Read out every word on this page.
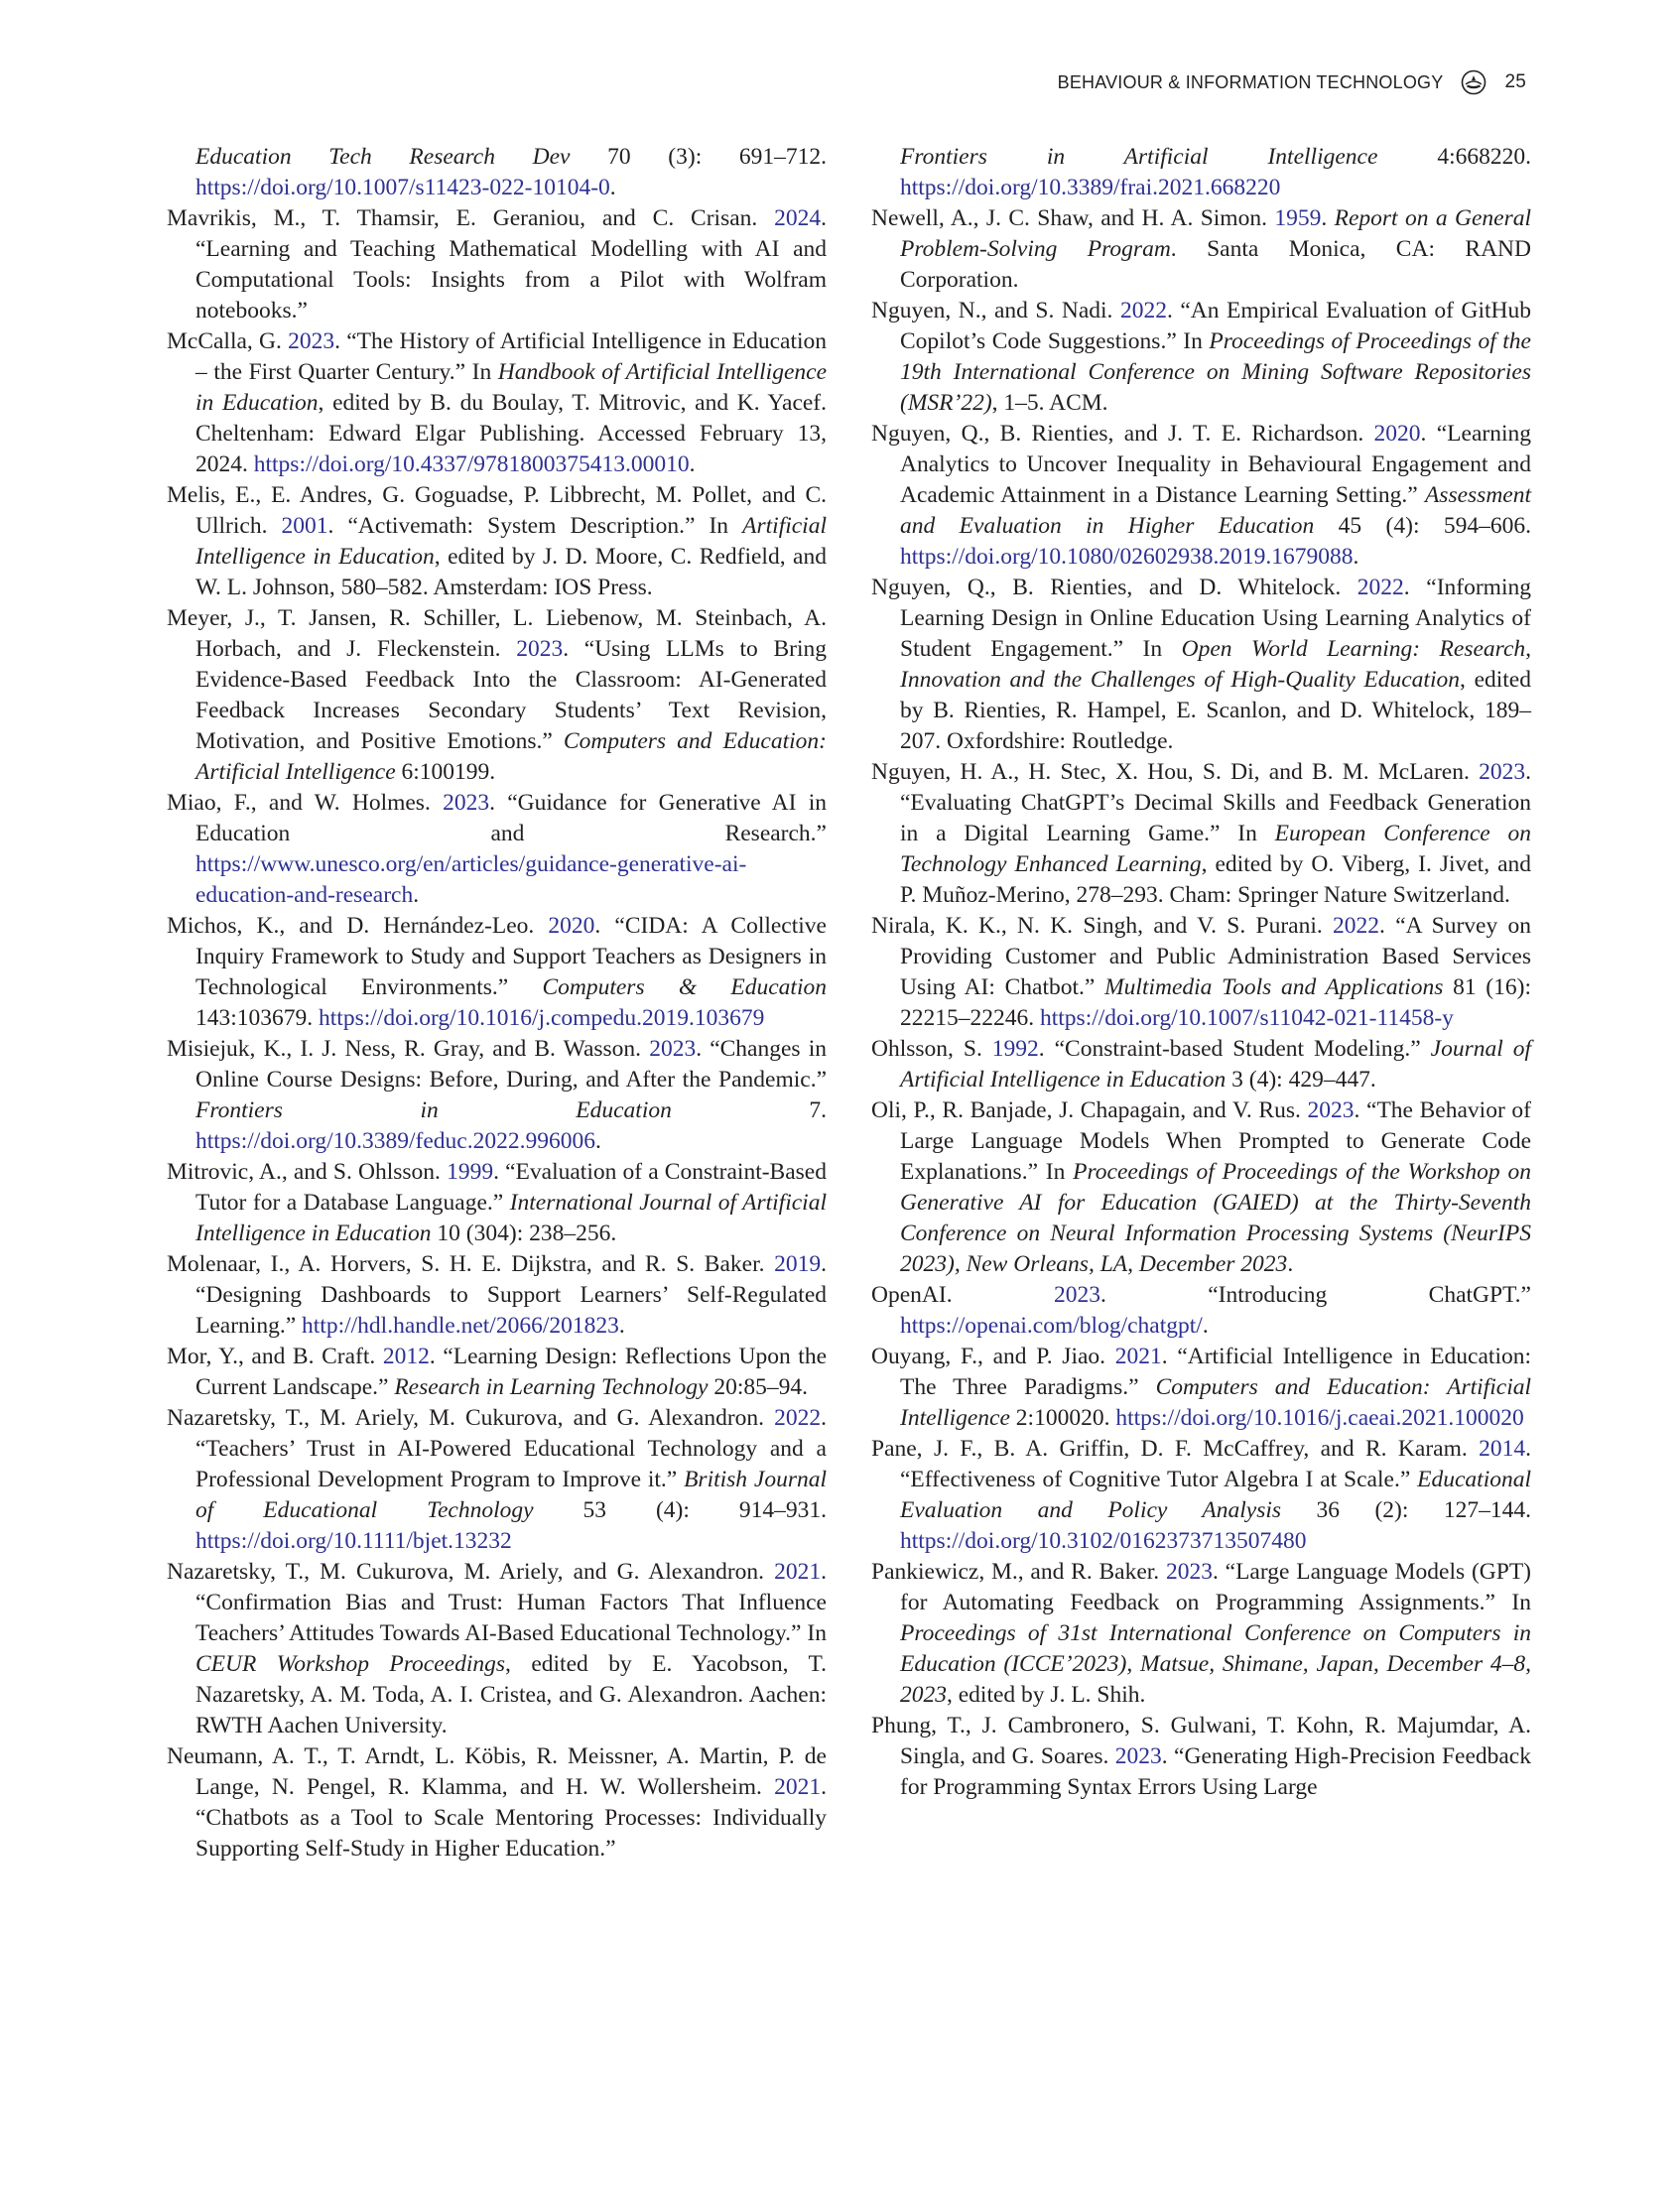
BEHAVIOUR & INFORMATION TECHNOLOGY	25

Education Tech Research Dev 70 (3): 691–712. https://doi.org/10.1007/s11423-022-10104-0.

Mavrikis, M., T. Thamsir, E. Geraniou, and C. Crisan. 2024. “Learning and Teaching Mathematical Modelling with AI and Computational Tools: Insights from a Pilot with Wolfram notebooks.”

McCalla, G. 2023. “The History of Artificial Intelligence in Education – the First Quarter Century.” In Handbook of Artificial Intelligence in Education, edited by B. du Boulay, T. Mitrovic, and K. Yacef. Cheltenham: Edward Elgar Publishing. Accessed February 13, 2024. https://doi.org/10.4337/9781800375413.00010.

Melis, E., E. Andres, G. Goguadse, P. Libbrecht, M. Pollet, and C. Ullrich. 2001. “Activemath: System Description.” In Artificial Intelligence in Education, edited by J. D. Moore, C. Redfield, and W. L. Johnson, 580–582. Amsterdam: IOS Press.

Meyer, J., T. Jansen, R. Schiller, L. Liebenow, M. Steinbach, A. Horbach, and J. Fleckenstein. 2023. “Using LLMs to Bring Evidence-Based Feedback Into the Classroom: AI-Generated Feedback Increases Secondary Students’ Text Revision, Motivation, and Positive Emotions.” Computers and Education: Artificial Intelligence 6:100199.

Miao, F., and W. Holmes. 2023. “Guidance for Generative AI in Education and Research.” https://www.unesco.org/en/articles/guidance-generative-ai-education-and-research.

Michos, K., and D. Hernández-Leo. 2020. “CIDA: A Collective Inquiry Framework to Study and Support Teachers as Designers in Technological Environments.” Computers & Education 143:103679. https://doi.org/10.1016/j.compedu.2019.103679

Misiejuk, K., I. J. Ness, R. Gray, and B. Wasson. 2023. “Changes in Online Course Designs: Before, During, and After the Pandemic.” Frontiers in Education 7. https://doi.org/10.3389/feduc.2022.996006.

Mitrovic, A., and S. Ohlsson. 1999. “Evaluation of a Constraint-Based Tutor for a Database Language.” International Journal of Artificial Intelligence in Education 10 (304): 238–256.

Molenaar, I., A. Horvers, S. H. E. Dijkstra, and R. S. Baker. 2019. “Designing Dashboards to Support Learners’ Self-Regulated Learning.” http://hdl.handle.net/2066/201823.

Mor, Y., and B. Craft. 2012. “Learning Design: Reflections Upon the Current Landscape.” Research in Learning Technology 20:85–94.

Nazaretsky, T., M. Ariely, M. Cukurova, and G. Alexandron. 2022. “Teachers’ Trust in AI-Powered Educational Technology and a Professional Development Program to Improve it.” British Journal of Educational Technology 53 (4): 914–931. https://doi.org/10.1111/bjet.13232

Nazaretsky, T., M. Cukurova, M. Ariely, and G. Alexandron. 2021. “Confirmation Bias and Trust: Human Factors That Influence Teachers’ Attitudes Towards AI-Based Educational Technology.” In CEUR Workshop Proceedings, edited by E. Yacobson, T. Nazaretsky, A. M. Toda, A. I. Cristea, and G. Alexandron. Aachen: RWTH Aachen University.

Neumann, A. T., T. Arndt, L. Köbis, R. Meissner, A. Martin, P. de Lange, N. Pengel, R. Klamma, and H. W. Wollersheim. 2021. “Chatbots as a Tool to Scale Mentoring Processes: Individually Supporting Self-Study in Higher Education.”

Frontiers in Artificial Intelligence 4:668220. https://doi.org/10.3389/frai.2021.668220

Newell, A., J. C. Shaw, and H. A. Simon. 1959. Report on a General Problem-Solving Program. Santa Monica, CA: RAND Corporation.

Nguyen, N., and S. Nadi. 2022. “An Empirical Evaluation of GitHub Copilot’s Code Suggestions.” In Proceedings of Proceedings of the 19th International Conference on Mining Software Repositories (MSR’22), 1–5. ACM.

Nguyen, Q., B. Rienties, and J. T. E. Richardson. 2020. “Learning Analytics to Uncover Inequality in Behavioural Engagement and Academic Attainment in a Distance Learning Setting.” Assessment and Evaluation in Higher Education 45 (4): 594–606. https://doi.org/10.1080/02602938.2019.1679088.

Nguyen, Q., B. Rienties, and D. Whitelock. 2022. “Informing Learning Design in Online Education Using Learning Analytics of Student Engagement.” In Open World Learning: Research, Innovation and the Challenges of High-Quality Education, edited by B. Rienties, R. Hampel, E. Scanlon, and D. Whitelock, 189–207. Oxfordshire: Routledge.

Nguyen, H. A., H. Stec, X. Hou, S. Di, and B. M. McLaren. 2023. “Evaluating ChatGPT’s Decimal Skills and Feedback Generation in a Digital Learning Game.” In European Conference on Technology Enhanced Learning, edited by O. Viberg, I. Jivet, and P. Muñoz-Merino, 278–293. Cham: Springer Nature Switzerland.

Nirala, K. K., N. K. Singh, and V. S. Purani. 2022. “A Survey on Providing Customer and Public Administration Based Services Using AI: Chatbot.” Multimedia Tools and Applications 81 (16): 22215–22246. https://doi.org/10.1007/s11042-021-11458-y

Ohlsson, S. 1992. “Constraint-based Student Modeling.” Journal of Artificial Intelligence in Education 3 (4): 429–447.

Oli, P., R. Banjade, J. Chapagain, and V. Rus. 2023. “The Behavior of Large Language Models When Prompted to Generate Code Explanations.” In Proceedings of Proceedings of the Workshop on Generative AI for Education (GAIED) at the Thirty-Seventh Conference on Neural Information Processing Systems (NeurIPS 2023), New Orleans, LA, December 2023.

OpenAI. 2023. “Introducing ChatGPT.” https://openai.com/blog/chatgpt/.

Ouyang, F., and P. Jiao. 2021. “Artificial Intelligence in Education: The Three Paradigms.” Computers and Education: Artificial Intelligence 2:100020. https://doi.org/10.1016/j.caeai.2021.100020

Pane, J. F., B. A. Griffin, D. F. McCaffrey, and R. Karam. 2014. “Effectiveness of Cognitive Tutor Algebra I at Scale.” Educational Evaluation and Policy Analysis 36 (2): 127–144. https://doi.org/10.3102/0162373713507480

Pankiewicz, M., and R. Baker. 2023. “Large Language Models (GPT) for Automating Feedback on Programming Assignments.” In Proceedings of 31st International Conference on Computers in Education (ICCE’2023), Matsue, Shimane, Japan, December 4–8, 2023, edited by J. L. Shih.

Phung, T., J. Cambronero, S. Gulwani, T. Kohn, R. Majumdar, A. Singla, and G. Soares. 2023. “Generating High-Precision Feedback for Programming Syntax Errors Using Large
